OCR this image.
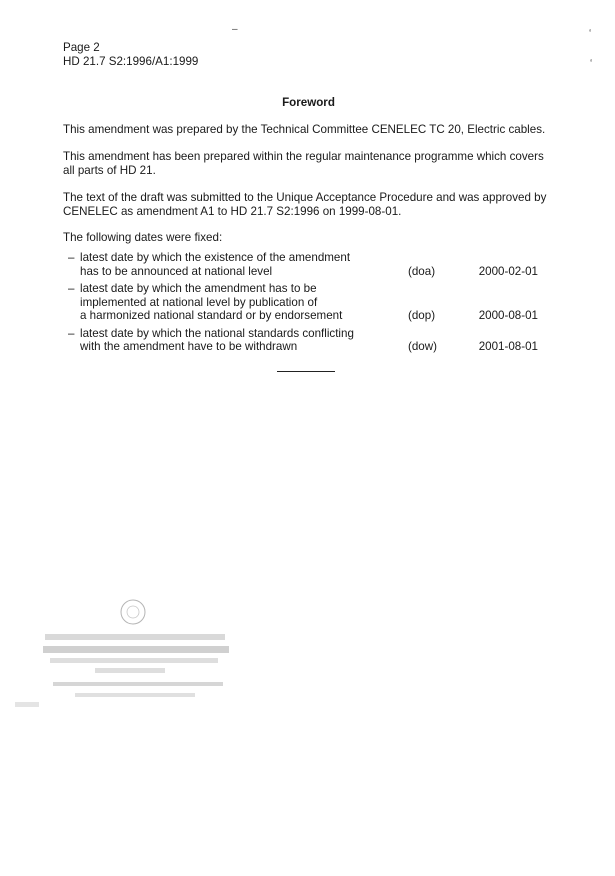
Page 2
HD 21.7 S2:1996/A1:1999
Foreword
This amendment was prepared by the Technical Committee CENELEC TC 20, Electric cables.
This amendment has been prepared within the regular maintenance programme which covers all parts of HD 21.
The text of the draft was submitted to the Unique Acceptance Procedure and was approved by CENELEC as amendment A1 to HD 21.7 S2:1996 on 1999-08-01.
The following dates were fixed:
– latest date by which the existence of the amendment
has to be announced at national level	(doa)	2000-02-01
– latest date by which the amendment has to be
implemented at national level by publication of
a harmonized national standard or by endorsement	(dop)	2000-08-01
– latest date by which the national standards conflicting
with the amendment have to be withdrawn	(dow)	2001-08-01
–	‘
‘
